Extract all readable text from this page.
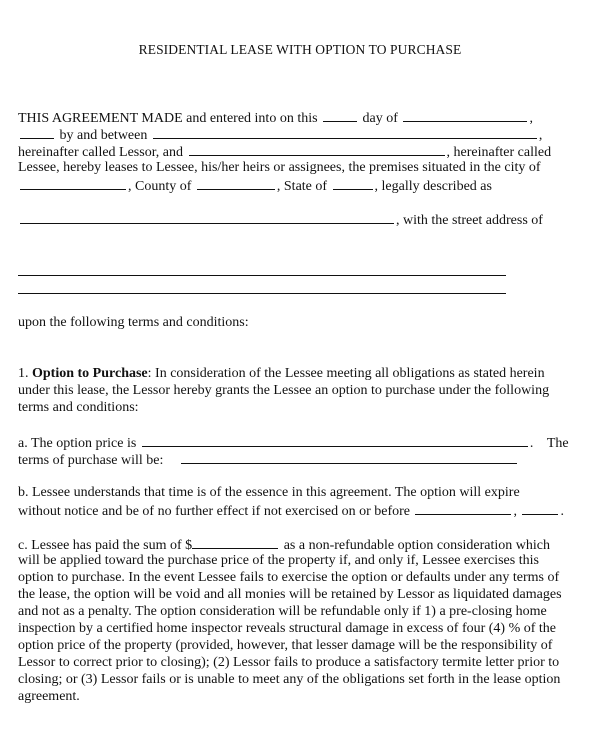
RESIDENTIAL LEASE WITH OPTION TO PURCHASE
THIS AGREEMENT MADE and entered into on this	day of	,
by and between	,
hereinafter called Lessor, and	, hereinafter called
Lessee, hereby leases to Lessee, his/her heirs or assignees, the premises situated in the city of
, County of	, State of	, legally described as
, with the street address of
upon the following terms and conditions:
1. Option to Purchase: In consideration of the Lessee meeting all obligations as stated herein
under this lease, the Lessor hereby grants the Lessee an option to purchase under the following
terms and conditions:
a. The option price is	. The
terms of purchase will be:
b. Lessee understands that time is of the essence in this agreement. The option will expire
without notice and be of no further effect if not exercised on or before	,	.
c. Lessee has paid the sum of $	as a non-refundable option consideration which
will be applied toward the purchase price of the property if, and only if, Lessee exercises this
option to purchase. In the event Lessee fails to exercise the option or defaults under any terms of
the lease, the option will be void and all monies will be retained by Lessor as liquidated damages
and not as a penalty. The option consideration will be refundable only if 1) a pre-closing home
inspection by a certified home inspector reveals structural damage in excess of four (4) % of the
option price of the property (provided, however, that lesser damage will be the responsibility of
Lessor to correct prior to closing); (2) Lessor fails to produce a satisfactory termite letter prior to
closing; or (3) Lessor fails or is unable to meet any of the obligations set forth in the lease option
agreement.
